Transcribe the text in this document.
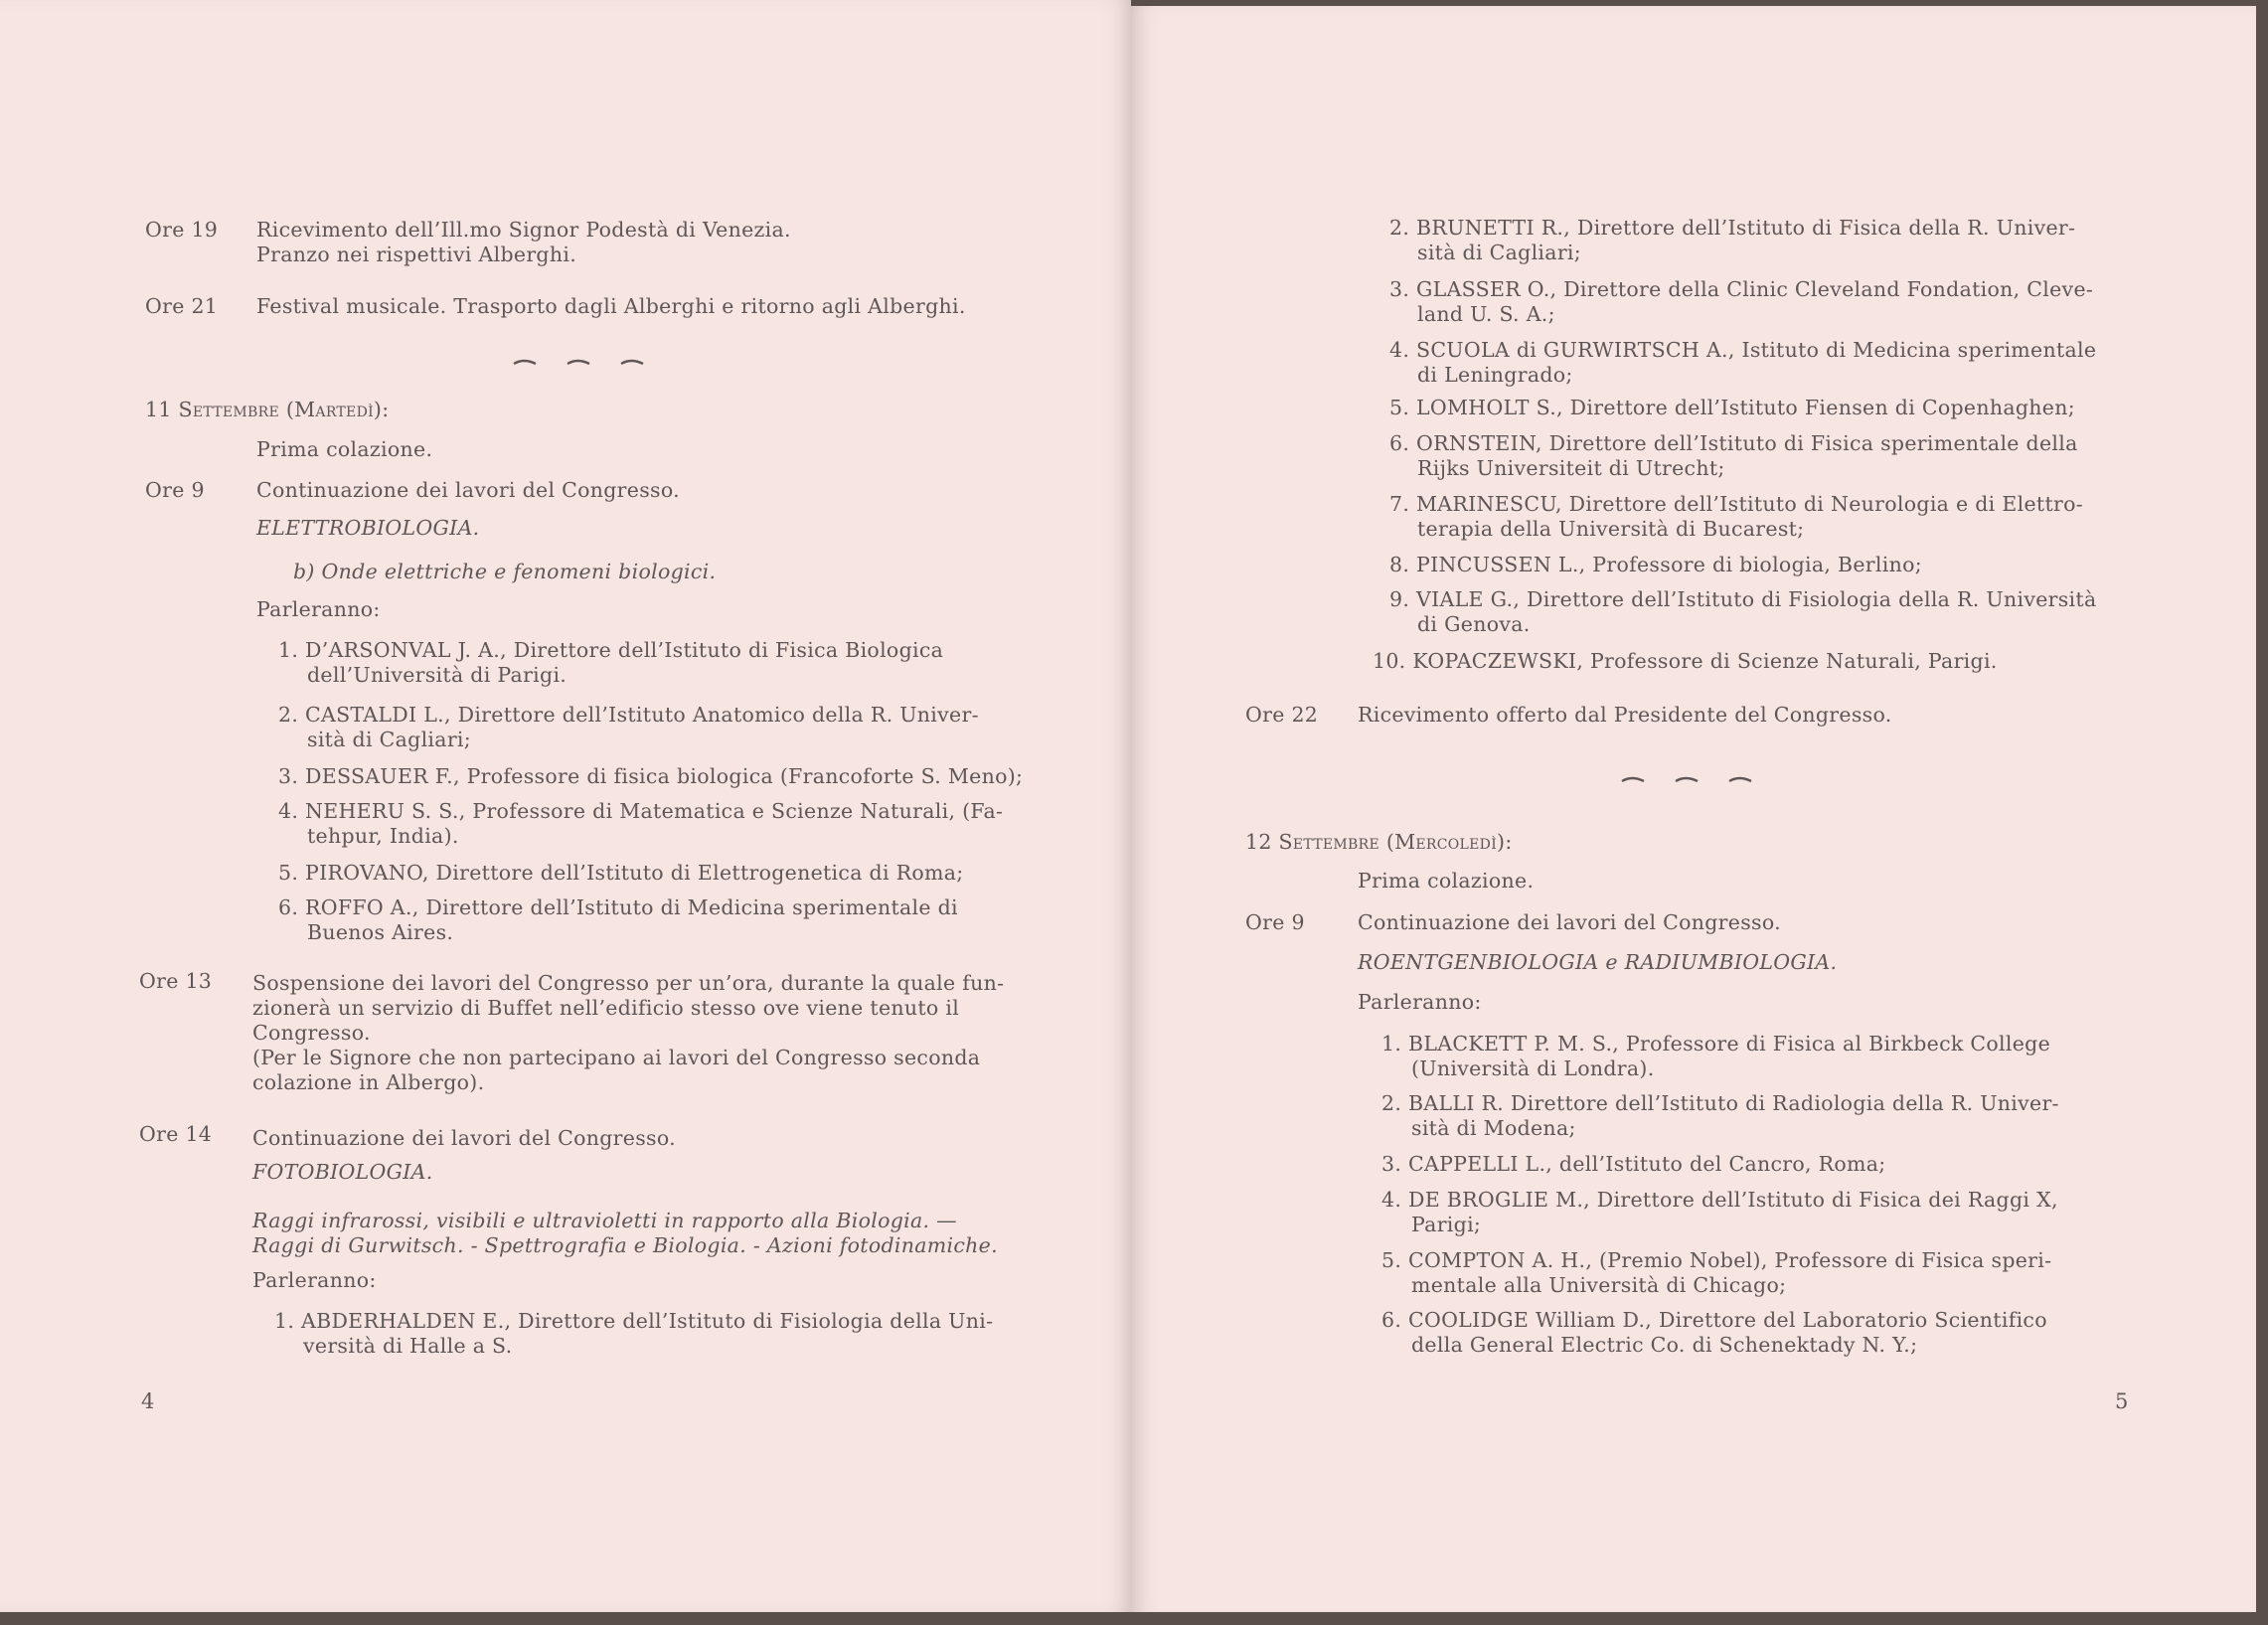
Ore 19 Ricevimento dell’Ill.mo Signor Podestà di Venezia.
Pranzo nei rispettivi Alberghi.
Ore 21 Festival musicale. Trasporto dagli Alberghi e ritorno agli Alberghi.
11 Settembre (Martedì):
Prima colazione.
Ore 9	Continuazione dei lavori del Congresso.
ELETTROBIOLOGIA.
b) Onde elettriche e fenomeni biologici.
Parleranno:
1. D’ARSONVAL J. A., Direttore dell’Istituto di Fisica Biologica
dell’Università di Parigi.
2. CASTALDI L., Direttore dell’Istituto Anatomico della R. Univer-
sità di Cagliari;
3. DESSAUER F., Professore di fisica biologica (Francoforte S. Meno);
4. NEHERU S. S., Professore di Matematica e Scienze Naturali, (Fa-
tehpur, India).
5. PIROVANO, Direttore dell’Istituto di Elettrogenetica di Roma;
6. ROFFO A., Direttore dell’Istituto di Medicina sperimentale di
Buenos Aires.
Ore 13 Sospensione dei lavori del Congresso per un’ora, durante la quale fun-
zionerà un servizio di Buffet nell’edificio stesso ove viene tenuto il
Congresso.
(Per le Signore che non partecipano ai lavori del Congresso seconda
colazione in Albergo).
Ore 14 Continuazione dei lavori del Congresso.
FOTOBIOLOGIA.
Raggi infrarossi, visibili e ultravioletti in rapporto alla Biologia. —
Raggi di Gurwitsch. - Spettrografia e Biologia. - Azioni fotodinamiche.
Parleranno:
1. ABDERHALDEN E., Direttore dell’Istituto di Fisiologia della Uni-
versità di Halle a S.
4
2. BRUNETTI R., Direttore dell’Istituto di Fisica della R. Univer-
sità di Cagliari;
3. GLASSER O., Direttore della Clinic Cleveland Fondation, Cleve-
land U. S. A.;
4. SCUOLA di GURWIRTSCH A., Istituto di Medicina sperimentale
di Leningrado;
5. LOMHOLT S., Direttore dell’Istituto Fiensen di Copenhaghen;
6. ORNSTEIN, Direttore dell’Istituto di Fisica sperimentale della
Rijks Universiteit di Utrecht;
7. MARINESCU, Direttore dell’Istituto di Neurologia e di Elettro-
terapia della Università di Bucarest;
8. PINCUSSEN L., Professore di biologia, Berlino;
9. VIALE G., Direttore dell’Istituto di Fisiologia della R. Università
di Genova.
10. KOPACZEWSKI, Professore di Scienze Naturali, Parigi.
Ore 22 Ricevimento offerto dal Presidente del Congresso.
12 Settembre (Mercoledì):
Prima colazione.
Ore 9	Continuazione dei lavori del Congresso.
ROENTGENBIOLOGIA e RADIUMBIOLOGIA.
Parleranno:
1. BLACKETT P. M. S., Professore di Fisica al Birkbeck College
(Università di Londra).
2. BALLI R. Direttore dell’Istituto di Radiologia della R. Univer-
sità di Modena;
3. CAPPELLI L., dell’Istituto del Cancro, Roma;
4. DE BROGLIE M., Direttore dell’Istituto di Fisica dei Raggi X,
Parigi;
5. COMPTON A. H., (Premio Nobel), Professore di Fisica speri-
mentale alla Università di Chicago;
6. COOLIDGE William D., Direttore del Laboratorio Scientifico
della General Electric Co. di Schenektady N. Y.;
5
